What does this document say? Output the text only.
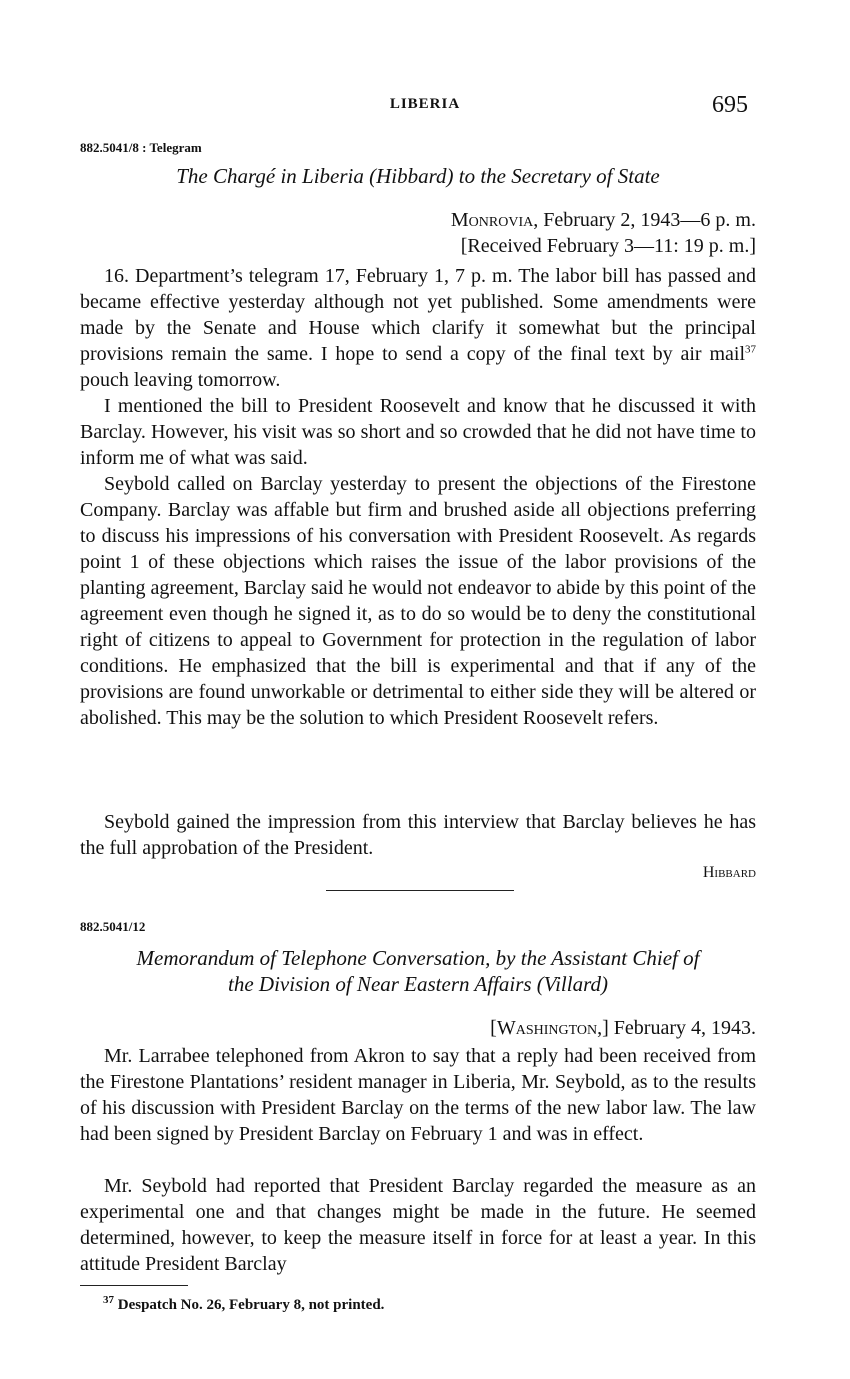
LIBERIA	695
882.5041/8 : Telegram
The Chargé in Liberia (Hibbard) to the Secretary of State
Monrovia, February 2, 1943—6 p. m.
[Received February 3—11: 19 p. m.]

16. Department’s telegram 17, February 1, 7 p. m. The labor bill has passed and became effective yesterday although not yet published. Some amendments were made by the Senate and House which clarify it somewhat but the principal provisions remain the same. I hope to send a copy of the final text by air mail$^{37}$ pouch leaving tomorrow.

I mentioned the bill to President Roosevelt and know that he discussed it with Barclay. However, his visit was so short and so crowded that he did not have time to inform me of what was said.

Seybold called on Barclay yesterday to present the objections of the Firestone Company. Barclay was affable but firm and brushed aside all objections preferring to discuss his impressions of his conversation with President Roosevelt. As regards point 1 of these objections which raises the issue of the labor provisions of the planting agreement, Barclay said he would not endeavor to abide by this point of the agreement even though he signed it, as to do so would be to deny the constitutional right of citizens to appeal to Government for protection in the regulation of labor conditions. He emphasized that the bill is experimental and that if any of the provisions are found unworkable or detrimental to either side they will be altered or abolished. This may be the solution to which President Roosevelt refers.

Seybold gained the impression from this interview that Barclay believes he has the full approbation of the President.

Hibbard
882.5041/12
Memorandum of Telephone Conversation, by the Assistant Chief of
the Division of Near Eastern Affairs (Villard)
[Washington,] February 4, 1943.

Mr. Larrabee telephoned from Akron to say that a reply had been received from the Firestone Plantations’ resident manager in Liberia, Mr. Seybold, as to the results of his discussion with President Barclay on the terms of the new labor law. The law had been signed by President Barclay on February 1 and was in effect.

Mr. Seybold had reported that President Barclay regarded the measure as an experimental one and that changes might be made in the future. He seemed determined, however, to keep the measure itself in force for at least a year. In this attitude President Barclay

$^{37}$ Despatch No. 26, February 8, not printed.
